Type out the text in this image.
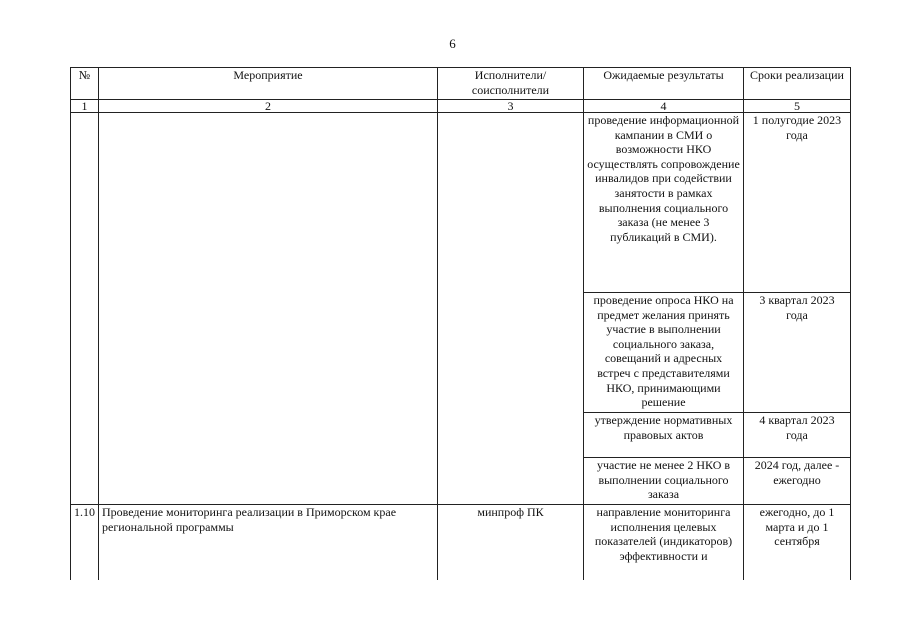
6
№	Мероприятие	Исполнители/ соисполнители	Ожидаемые результаты	Сроки реализации
1	2	3	4	5
			проведение информационной кампании в СМИ о возможности НКО осуществлять сопровождение инвалидов при содействии занятости в рамках выполнения социального заказа (не менее 3 публикаций в СМИ).	1 полугодие 2023 года
			проведение опроса НКО на предмет желания принять участие в выполнении социального заказа, совещаний и адресных встреч с представителями НКО, принимающими решение	3 квартал 2023 года
			утверждение нормативных правовых актов	4 квартал 2023 года
			участие не менее 2 НКО в выполнении социального заказа	2024 год, далее - ежегодно
1.10	Проведение мониторинга реализации в Приморском крае региональной программы	минпроф ПК	направление мониторинга исполнения целевых показателей (индикаторов) эффективности и	ежегодно, до 1 марта и до 1 сентября
